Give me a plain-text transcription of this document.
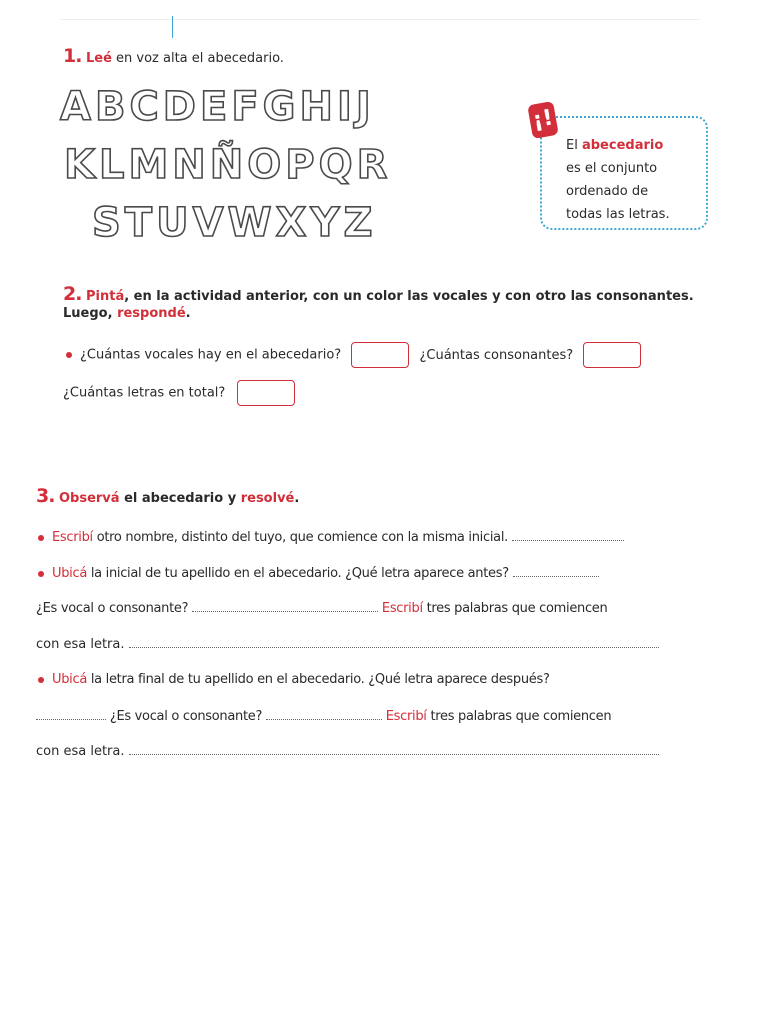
1. Leé en voz alta el abecedario.
ABCDEFGHIJ
KLMNÑOPQR
STUVWXYZ
El abecedario
es el conjunto
ordenado de
todas las letras.
¡!
2. Pintá, en la actividad anterior, con un color las vocales y con otro las consonantes.
Luego, respondé.
¿Cuántas vocales hay en el abecedario?	¿Cuántas consonantes?
¿Cuántas letras en total?
3. Observá el abecedario y resolvé.
Escribí otro nombre, distinto del tuyo, que comience con la misma inicial.
Ubicá la inicial de tu apellido en el abecedario. ¿Qué letra aparece antes?
¿Es vocal o consonante?	Escribí tres palabras que comiencen
con esa letra.
Ubicá la letra final de tu apellido en el abecedario. ¿Qué letra aparece después?
¿Es vocal o consonante?	Escribí tres palabras que comiencen
con esa letra.
